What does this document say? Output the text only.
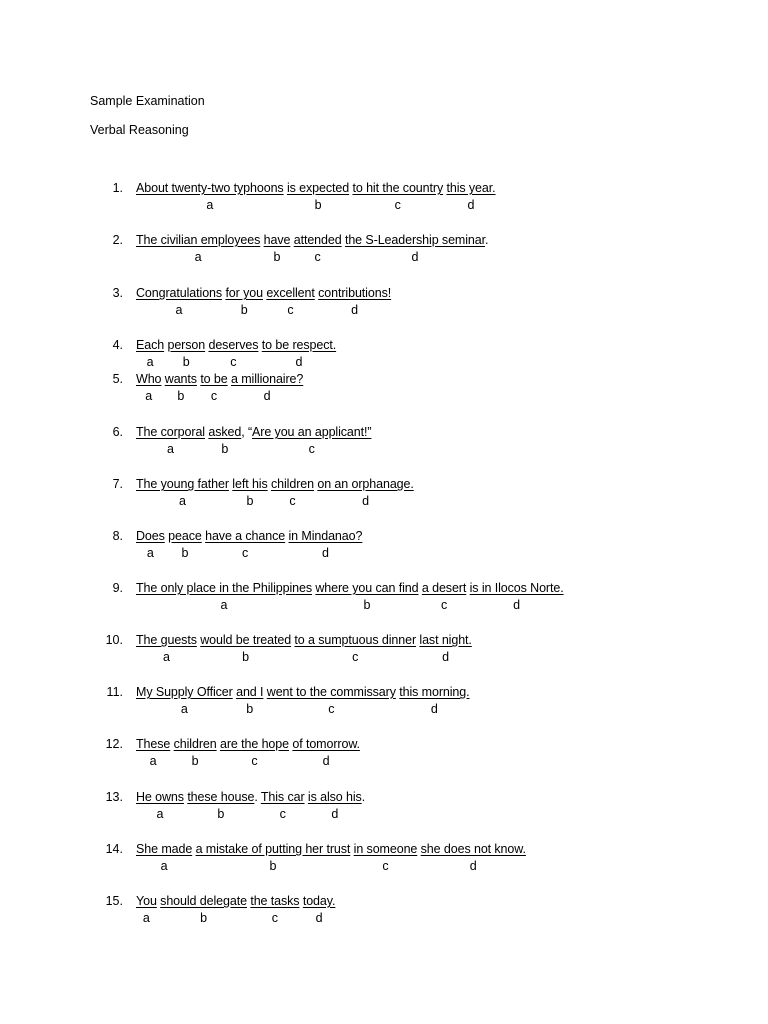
Sample Examination
Verbal Reasoning
1. About twenty-two typhoons is expected to hit the country this year.
a	b	c	d
2. The civilian employees have attended the S-Leadership seminar.
a	b	c	d
3. Congratulations for you excellent contributions!
a	b	c	d
4. Each person deserves to be respect.
a b	c	d
5. Who wants to be a millionaire?
a b c	d
6. The corporal asked, “Are you an applicant!”
a	b	c
7. The young father left his children on an orphanage.
a	b	c	d
8. Does peace have a chance in Mindanao?
a b	c	d
9. The only place in the Philippines where you can find a desert is in Ilocos Norte.
a	b	c	d
10. The guests would be treated to a sumptuous dinner last night.
a	b	c	d
11. My Supply Officer and I went to the commissary this morning.
a	b	c	d
12. These children are the hope of tomorrow.
a	b	c	d
13. He owns these house. This car is also his.
a	b	c	d
14. She made a mistake of putting her trust in someone she does not know.
a	b	c	d
15. You should delegate the tasks today.
a	b	c	d
